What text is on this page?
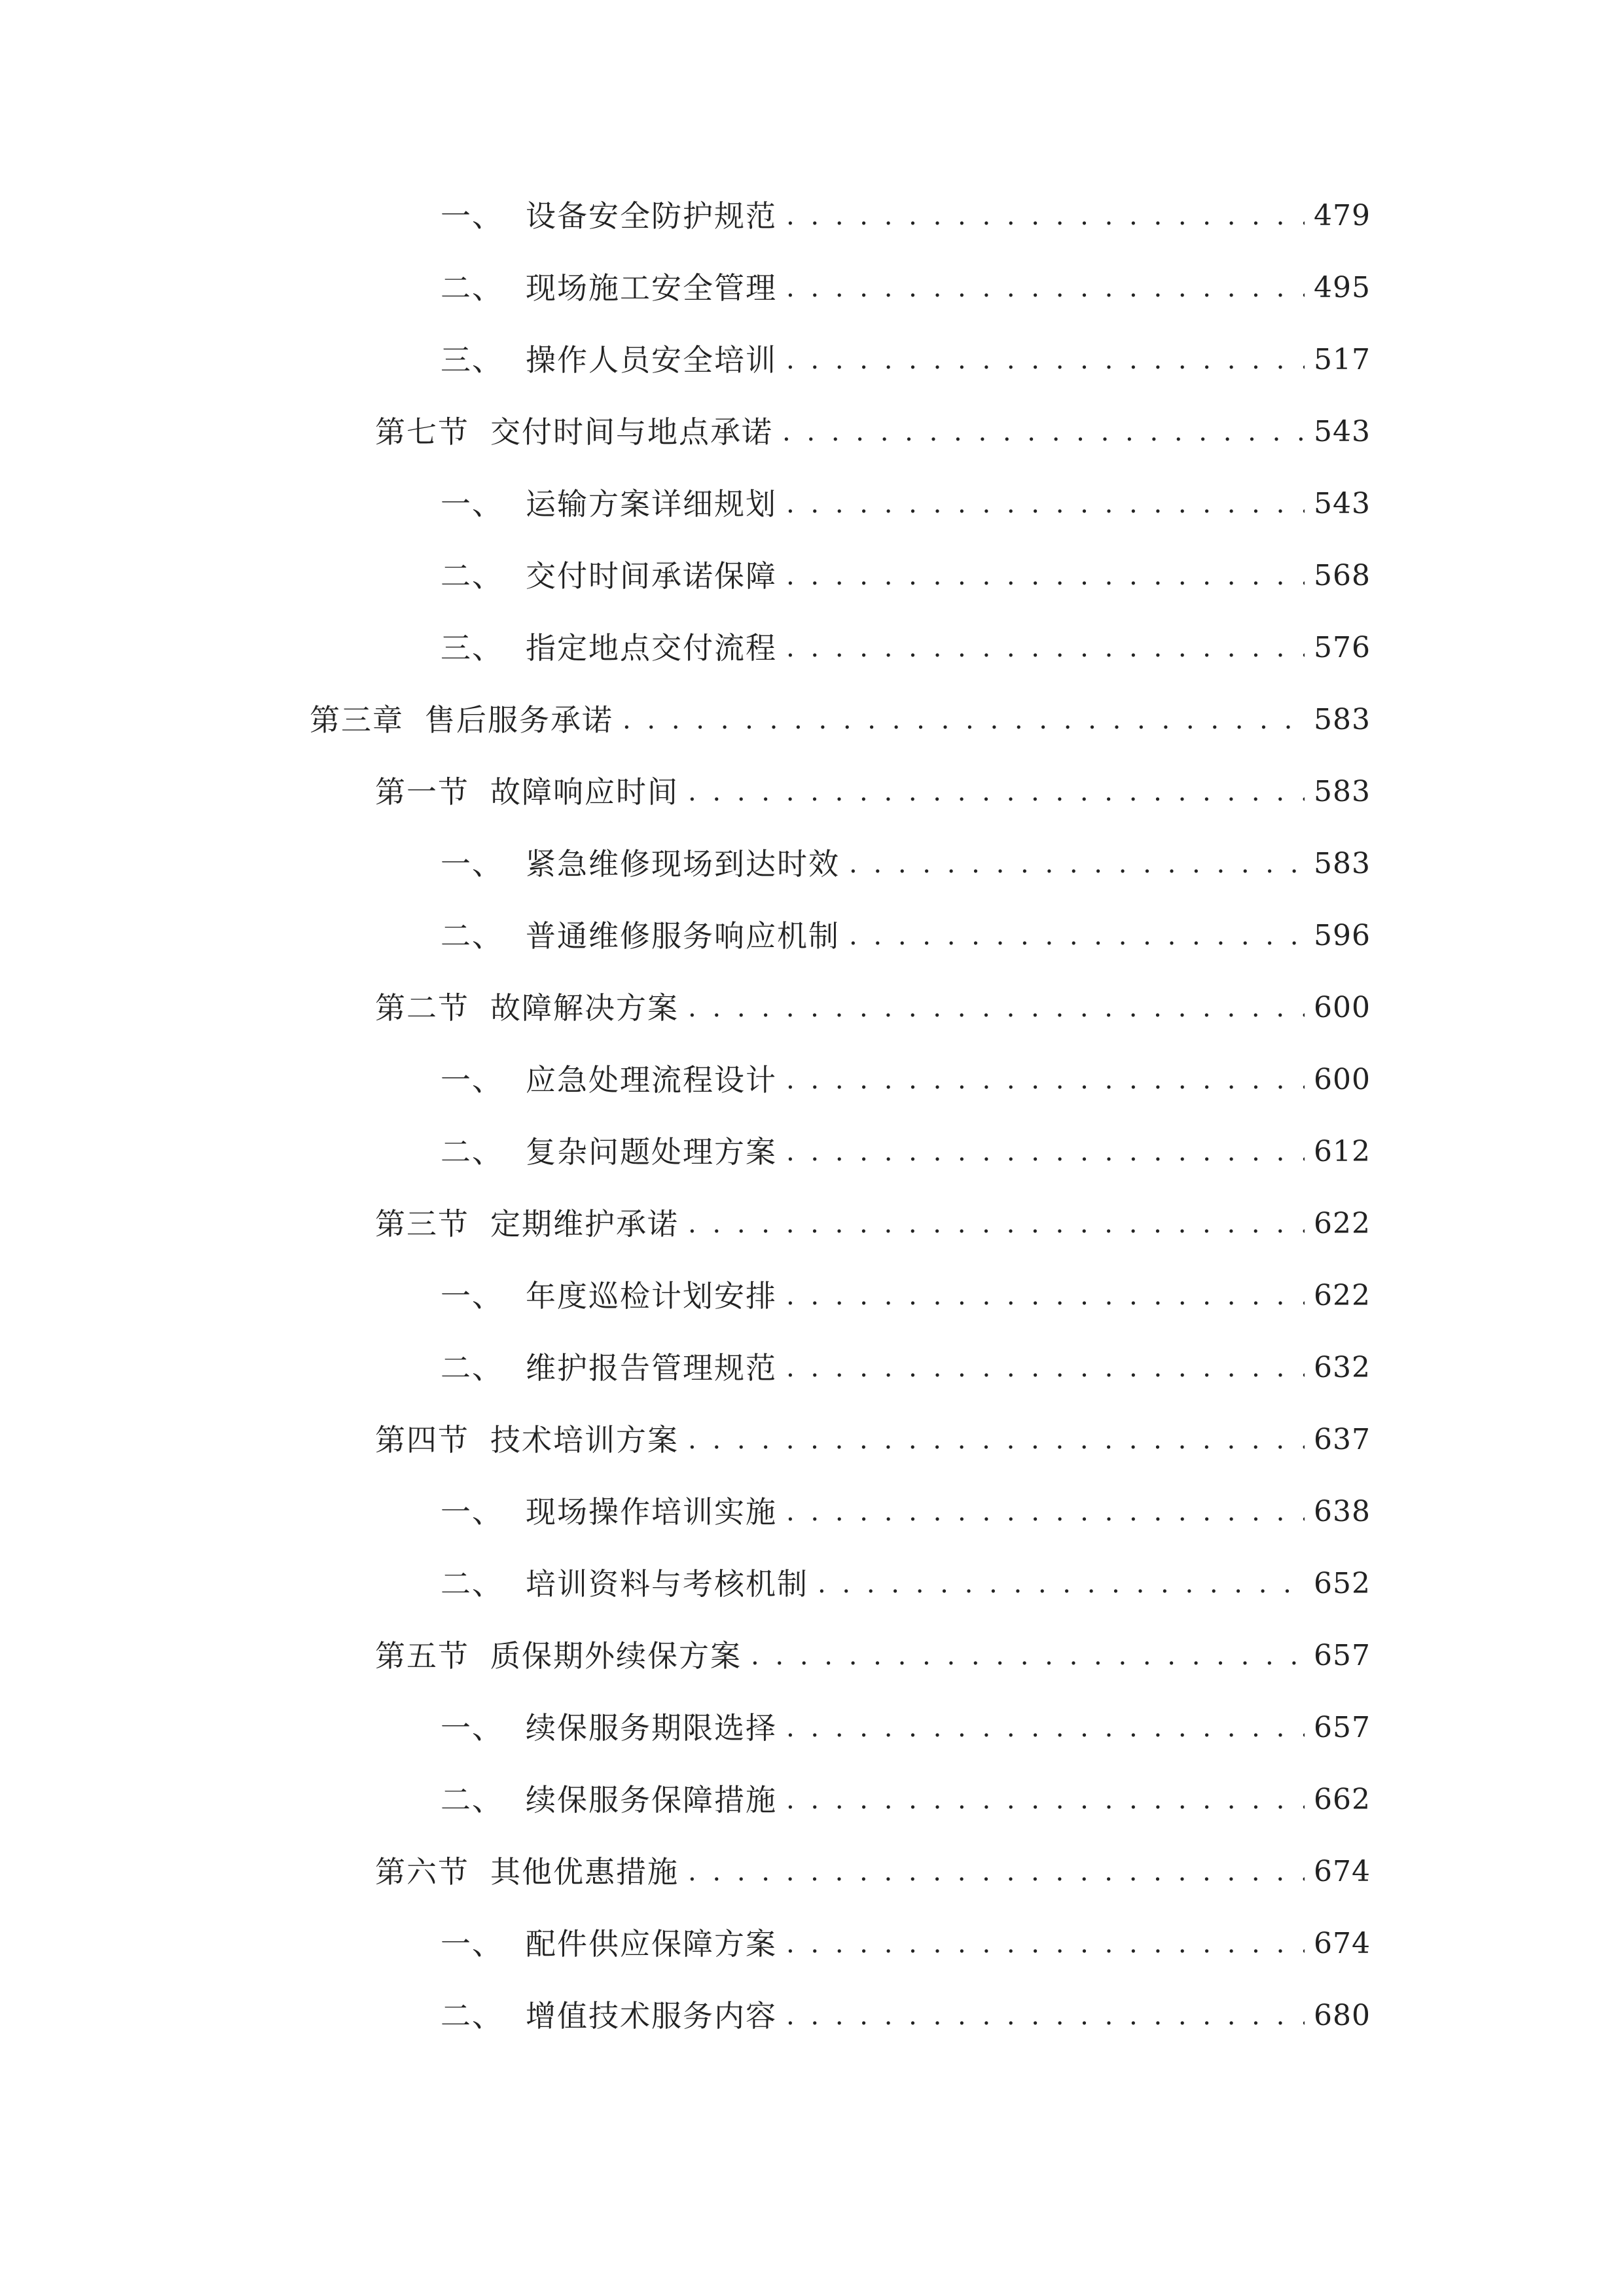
一、 设备安全防护规范 . . .	479
二、 现场施工安全管理 . . .	495
三、 操作人员安全培训 . . .	517
第七节 交付时间与地点承诺 . . .	543
一、 运输方案详细规划 . . .	543
二、 交付时间承诺保障 . . .	568
三、 指定地点交付流程 . . .	576
第三章 售后服务承诺 . . .	583
第一节 故障响应时间 . . .	583
一、 紧急维修现场到达时效 . . .	583
二、 普通维修服务响应机制 . . .	596
第二节 故障解决方案 . . .	600
一、 应急处理流程设计 . . .	600
二、 复杂问题处理方案 . . .	612
第三节 定期维护承诺 . . .	622
一、 年度巡检计划安排 . . .	622
二、 维护报告管理规范 . . .	632
第四节 技术培训方案 . . .	637
一、 现场操作培训实施 . . .	638
二、 培训资料与考核机制 . . .	652
第五节 质保期外续保方案 . . .	657
一、 续保服务期限选择 . . .	657
二、 续保服务保障措施 . . .	662
第六节 其他优惠措施 . . .	674
一、 配件供应保障方案 . . .	674
二、 增值技术服务内容 . . .	680
